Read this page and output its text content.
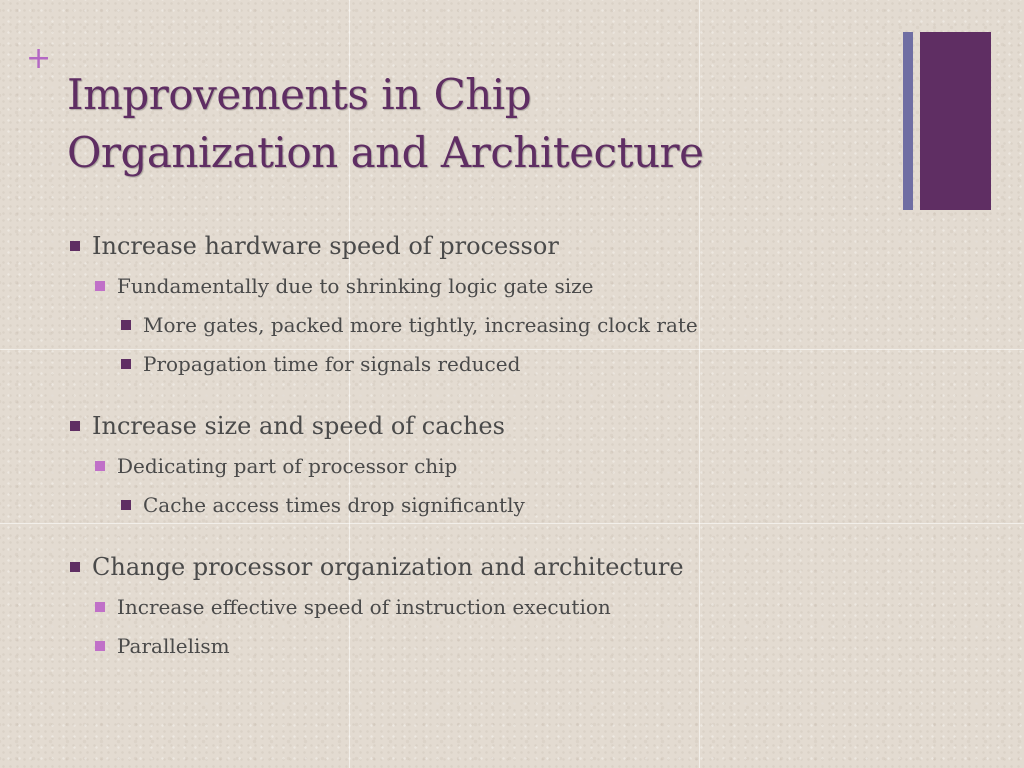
+
Improvements in Chip
Organization and Architecture
Increase hardware speed of processor
Fundamentally due to shrinking logic gate size
More gates, packed more tightly, increasing clock rate
Propagation time for signals reduced
Increase size and speed of caches
Dedicating part of processor chip
Cache access times drop significantly
Change processor organization and architecture
Increase effective speed of instruction execution
Parallelism
